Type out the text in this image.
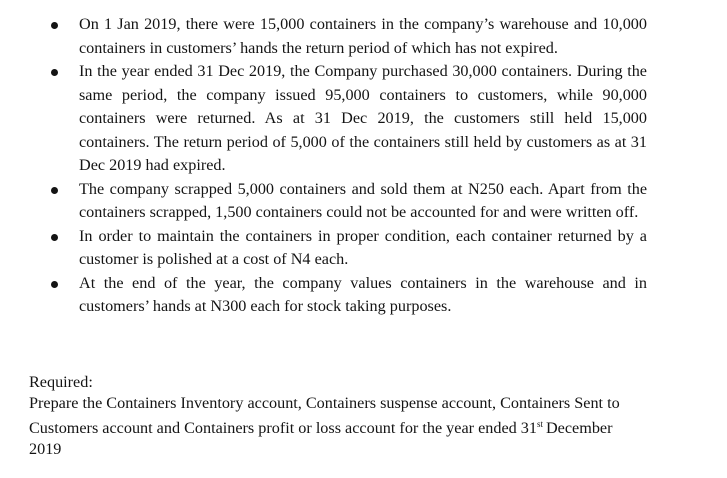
On 1 Jan 2019, there were 15,000 containers in the company’s warehouse and 10,000 containers in customers’ hands the return period of which has not expired.
In the year ended 31 Dec 2019, the Company purchased 30,000 containers. During the same period, the company issued 95,000 containers to customers, while 90,000 containers were returned. As at 31 Dec 2019, the customers still held 15,000 containers. The return period of 5,000 of the containers still held by customers as at 31 Dec 2019 had expired.
The company scrapped 5,000 containers and sold them at N250 each. Apart from the containers scrapped, 1,500 containers could not be accounted for and were written off.
In order to maintain the containers in proper condition, each container returned by a customer is polished at a cost of N4 each.
At the end of the year, the company values containers in the warehouse and in customers’ hands at N300 each for stock taking purposes.
Required:
Prepare the Containers Inventory account, Containers suspense account, Containers Sent to Customers account and Containers profit or loss account for the year ended 31st December 2019
